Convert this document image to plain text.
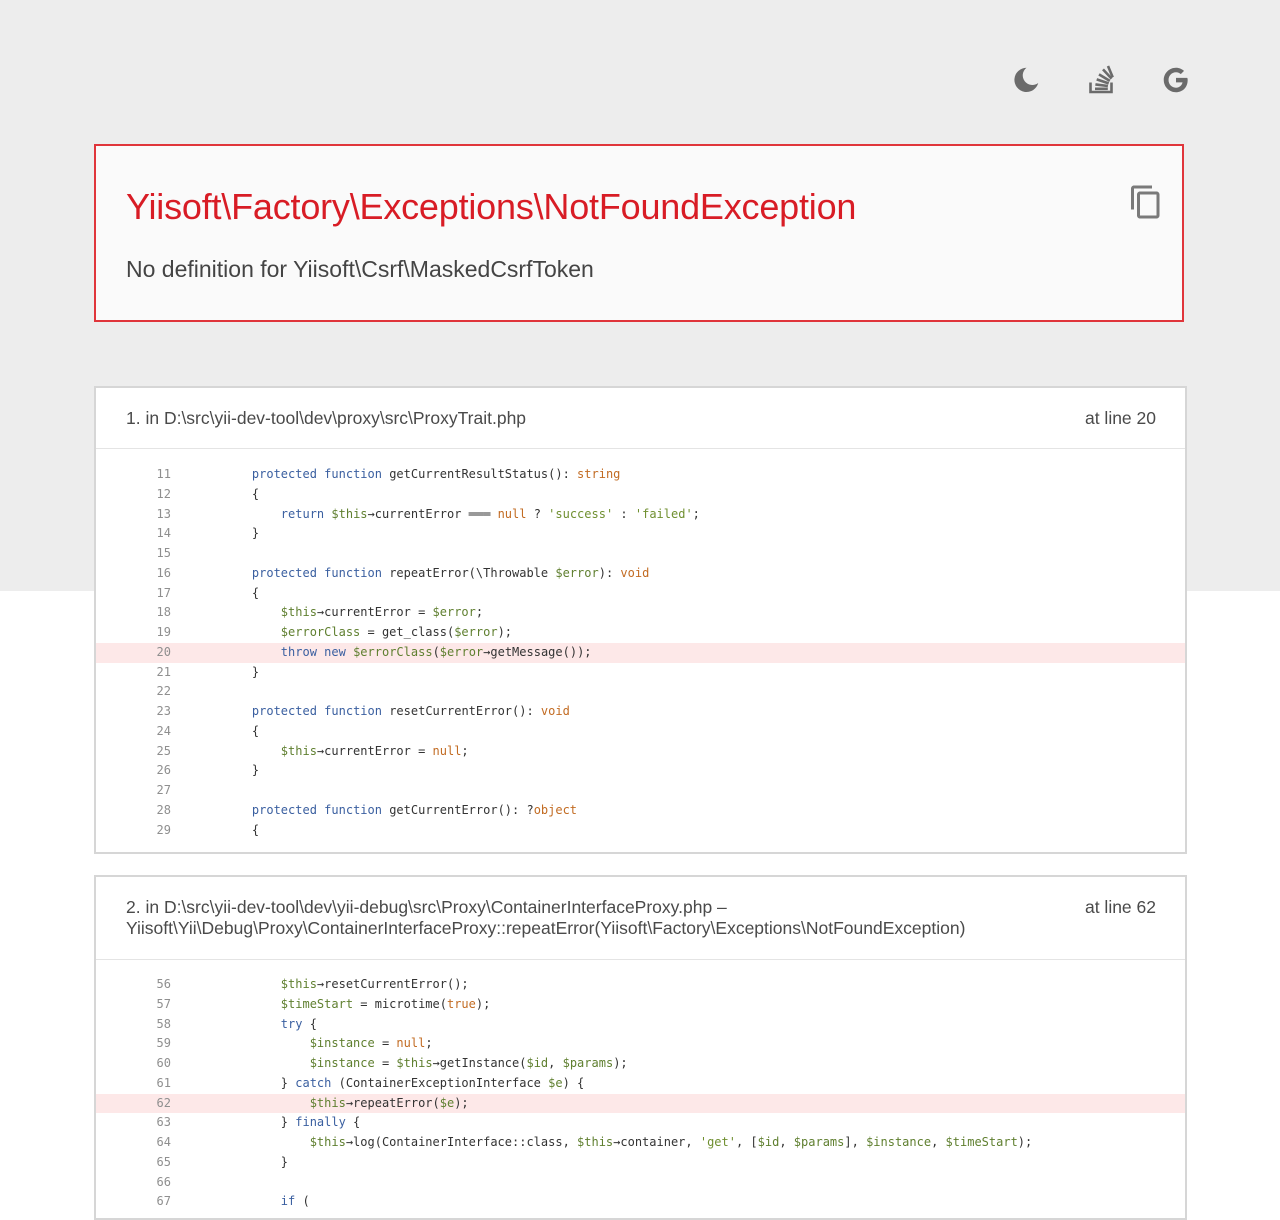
Yiisoft\Factory\Exceptions\NotFoundException
No definition for Yiisoft\Csrf\MaskedCsrfToken
1. in D:\src\yii-dev-tool\dev\proxy\src\ProxyTrait.php	at line 20
11	protected function getCurrentResultStatus(): string
12	{
13	return $this→currentError ═══ null ? 'success' : 'failed';
14	}
15
16	protected function repeatError(\Throwable $error): void
17	{
18	$this→currentError = $error;
19	$errorClass = get_class($error);
20	throw new $errorClass($error→getMessage());
21	}
22
23	protected function resetCurrentError(): void
24	{
25	$this→currentError = null;
26	}
27
28	protected function getCurrentError(): ?object
29	{
2. in D:\src\yii-dev-tool\dev\yii-debug\src\Proxy\ContainerInterfaceProxy.php –
Yiisoft\Yii\Debug\Proxy\ContainerInterfaceProxy::repeatError(Yiisoft\Factory\Exceptions\NotFoundException)
at line 62
56	$this→resetCurrentError();
57	$timeStart = microtime(true);
58	try {
59	$instance = null;
60	$instance = $this→getInstance($id, $params);
61	} catch (ContainerExceptionInterface $e) {
62	$this→repeatError($e);
63	} finally {
64	$this→log(ContainerInterface::class, $this→container, 'get', [$id, $params], $instance, $timeStart);
65	}
66
67	if (
